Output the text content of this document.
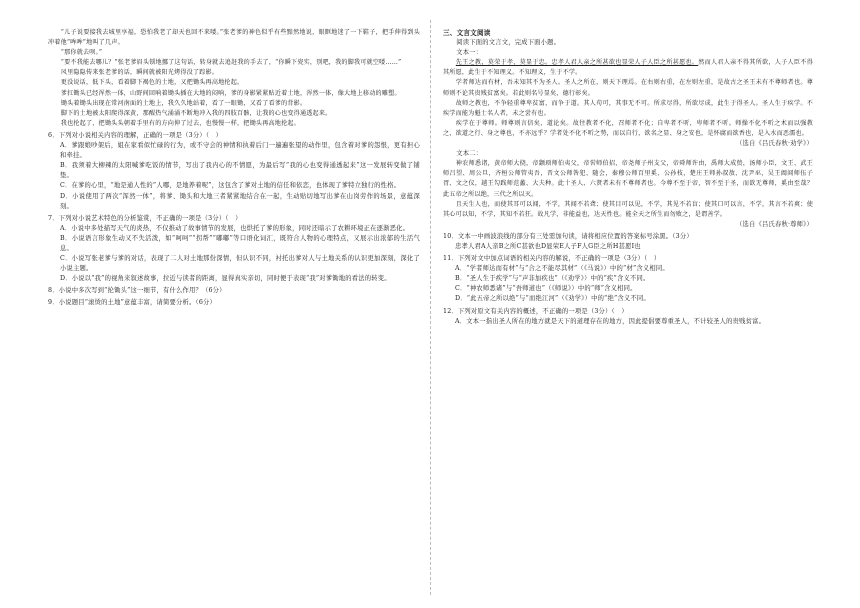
“儿子说要接我去城里享福，恐怕我老了却天也回不来喽。”张老爹的神色似乎有些黯然地说，眼眶地迷了一下鞋子，把手伸得到头冲着他“哞哞”地叫了几声。

“那你就去呗。”

“要不我能去哪儿？”张老爹眉头锁地挪了这句话，转身就去追赶我的手去了，“你瞬下瓷实，别吧，我的脚我可就空喽……”

风里隐隐传来张老爹的话，瞬间就被阳光烤得没了踪影。

更没说话，低下头，看着脚下褐色的土地，又把锄头再高地抡起。

爹扛锄头已经浑然一体，山野间回响着锄头插在大地的闷响，爹的身影紧紧贴近着土地，浑然一体，像大地上移动的雕塑。

锄头着锄头出现在常河南面的土地上，我久久地站着，看了一眼锄，又看了看爹的背影。

脚下的土地被太阳爬得深黄，那醒热气涌涌不断地冲入我的四肢百骸，让我的心也变得通透起来。

我也抡起了，把锄头头朝着手里有的方向伸了过去，也慢慢一样，把锄头再高地抡起。

6．下列对小说相关内容的理解，正确的一项是（3分）（　）

A．爹跟娘吵架后，姐在家看似忙碌的行为，或不守会的神情和执着后门一遍遍张望的动作里，包含着对爹的怨恨，更有担心和牵挂。

B．我须着大柳辣的太阳喊爹吃饭的情节，写出了我内心的不情愿，为最后写“我的心也变得通透起来”这一发展转变做了铺垫。

C．在爹的心里，“地是通人性的”人哪，是地养着呢”，这包含了爹对土地的信任和依恋，也体现了爹特立独行的性格。

D．小说使用了两次“浑然一体”，将爹、锄头和大地三者紧紧地结合在一起，生动贴切地写出爹在山岗劳作的场景，意蕴深刻。

7．下列对小说艺术特色的分析鉴赏，不正确的一项是（3分）（　）

A．小说中多处描写天气的炎热，不仅推动了故事情节的发展，也烘托了爹的形象，同时还暗示了农耕环境正在逐渐恶化。

B．小说语言形象生动又不失活泼，如“呵呵”“拐帮”“嘟嘟”等口语化词汇，既符合人物的心理特点，又展示出浓郁的生活气息。

C．小说写张老爹与爹的对话，表现了二人对土地那份深情，但认识不同，衬托出爹对人与土地关系的认识更加深刻，深化了小说主题。

D．小说以“我”的视角来叙述故事，拉近与读者的距离，显得真实亲切，同时便于表现“我”对爹锄地的看法的转变。

8．小说中多次写到“抡锄头”这一细节，有什么作用？（6分）

9．小说题目“滚烫的土地”意蕴丰富，请简要分析。（6分）

三、文言文阅读

阅读下面的文言文，完成下面小题。

文本一：

先王之教，莫荣于孝，莫显于忠。忠孝人君人亲之所甚欲也显荣人子人臣之所甚愿也。然而人君人亲不得其所欲，人子人臣不得其所愿，此生于不知理义。不知理义，生于不学。

学者师达而有材，吾未知其不为圣人。圣人之所在，则天下理焉。在右则右重，在左则左重，是故古之圣王未有不尊师者也。尊师则不论其贵贱贫富矣。若此则名号显矣，德行彰矣。

故师之教也，不争轻重尊卑贫富，而争于道。其人苟可，其事无不可。所求尽得，所欲尽成，此生于得圣人。圣人生于疾学。不疾学而能为魁士名人者，未之尝有也。

疾学在于尊师。师尊则言信矣，道论矣。故往教者不化，召师者不化；自卑者不听，卑师者不听。师操不化不听之术而以强教之，欲道之行、身之尊也，不亦远乎？学者处不化不听之势，而以自行，欲名之显、身之安也，是怀腐而欲香也，是入水而恶濡也。

（选自《吕氏春秋·劝学》）

文本二：

神农师悉诸，黄帝师大挠，帝颛顼师伯夷父，帝喾师伯招，帝尧师子州支父，帝舜师许由，禹师大成贽，汤师小臣，文王、武王师吕望、周公旦，齐桓公师管夷吾，晋文公师咎犯、随会，秦穆公师百里奚、公孙枝，楚庄王师孙叔敖、沈尹巫，吴王阖闾师伍子胥、文之仪，越王勾践师范蠡、大夫种。此十圣人、六贤者未有不尊师者也。今尊不至于帝，智不至于圣，而欲无尊师，奚由至哉？此五帝之所以绝，三代之所以灭。

且天生人也，而使其耳可以闻，不学，其闻不若聋；使其目可以见，不学，其见不若盲；使其口可以言，不学，其言不若爽；使其心可以知，不学，其知不若狂。故凡学，非能益也，达天性也。能全天之所生而勿败之，是谓善学。

（选自《吕氏春秋·尊师》）

10．文本一中画波浪线的部分有三处需加句读，请将相应位置的答案标号涂黑。（3分）

忠孝人君A人亲B之所C甚欲也D显荣E人子F人G臣之所H甚愿I也

11．下列对文中加点词语的相关内容的解说，不正确的一项是（3分）（　）

A．“学者师达而有材”与“合之不能尽其材”（《马说》）中的“材”含义相同。

B．“圣人生于疾学”与“声非加疾也”（《劝学》）中的“疾”含义不同。

C．“神农师悉诸”与“吾师道也”（《师说》）中的“师”含义相同。

D．“此五帝之所以绝”与“而绝江河”（《劝学》）中的“绝”含义不同。

12．下列对原文有关内容的概述，不正确的一项是（3分）（　）

A．文本一指出圣人所在的地方就是天下的道理存在的地方，因此提倡要尊重圣人，不计较圣人的贵贱贫富。
